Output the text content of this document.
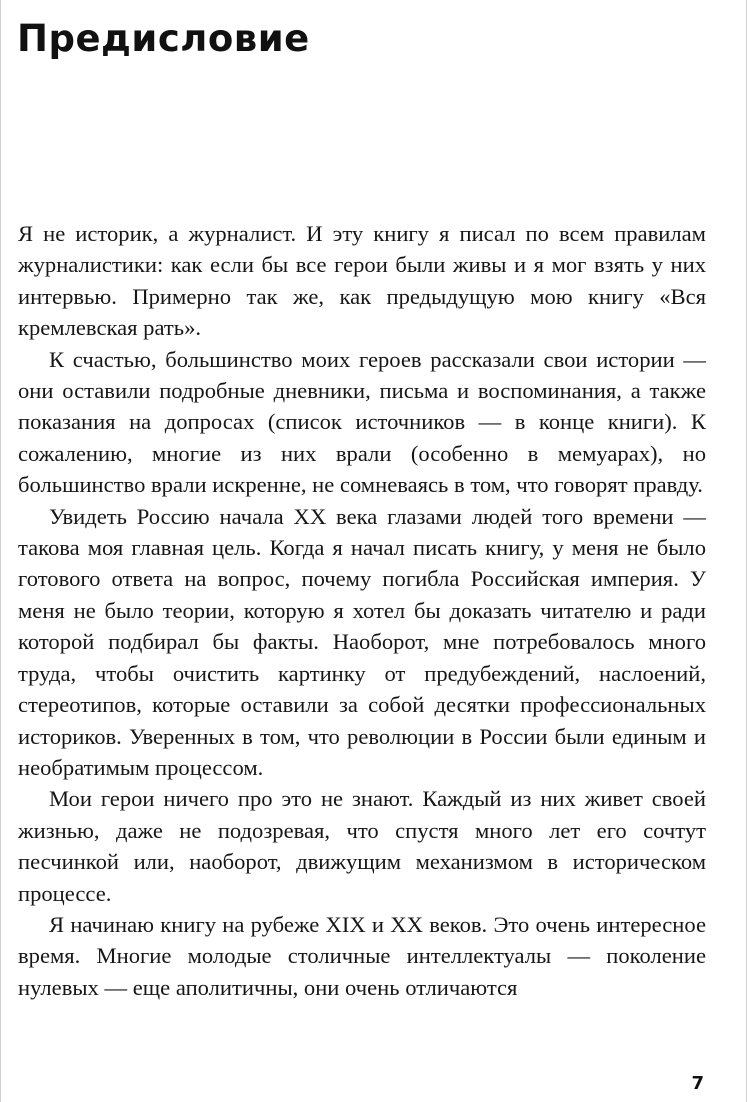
Предисловие

Я не историк, а журналист. И эту книгу я писал по всем правилам журналистики: как если бы все герои были живы и я мог взять у них интервью. Примерно так же, как предыдущую мою книгу «Вся кремлевская рать».

К счастью, большинство моих героев рассказали свои истории — они оставили подробные дневники, письма и воспоминания, а также показания на допросах (список источников — в конце книги). К сожалению, многие из них врали (особенно в мемуарах), но большинство врали искренне, не сомневаясь в том, что говорят правду.

Увидеть Россию начала XX века глазами людей того времени — такова моя главная цель. Когда я начал писать книгу, у меня не было готового ответа на вопрос, почему погибла Российская империя. У меня не было теории, которую я хотел бы доказать читателю и ради которой подбирал бы факты. Наоборот, мне потребовалось много труда, чтобы очистить картинку от предубеждений, наслоений, стереотипов, которые оставили за собой десятки профессиональных историков. Уверенных в том, что революции в России были единым и необратимым процессом.

Мои герои ничего про это не знают. Каждый из них живет своей жизнью, даже не подозревая, что спустя много лет его сочтут песчинкой или, наоборот, движущим механизмом в историческом процессе.

Я начинаю книгу на рубеже XIX и XX веков. Это очень интересное время. Многие молодые столичные интеллектуалы — поколение нулевых — еще аполитичны, они очень отличаются

7
